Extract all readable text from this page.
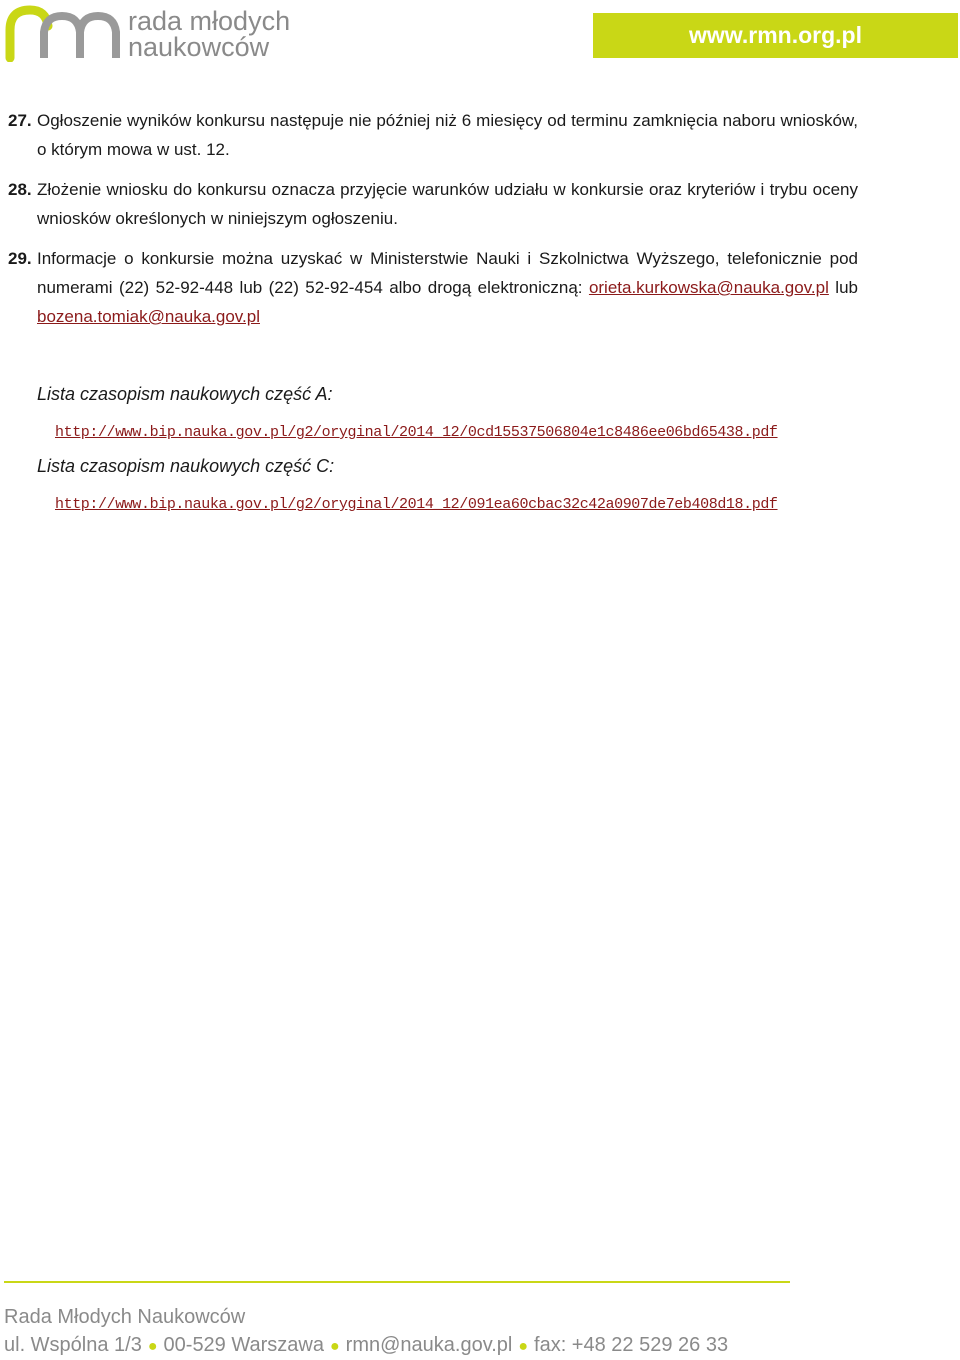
rada młodych
naukowców	www.rmn.org.pl
27. Ogłoszenie wyników konkursu następuje nie później niż 6 miesięcy od terminu zamknięcia naboru wniosków, o którym mowa w ust. 12.
28. Złożenie wniosku do konkursu oznacza przyjęcie warunków udziału w konkursie oraz kryteriów i trybu oceny wniosków określonych w niniejszym ogłoszeniu.
29. Informacje o konkursie można uzyskać w Ministerstwie Nauki i Szkolnictwa Wyższego, telefonicznie pod numerami (22) 52-92-448 lub (22) 52-92-454 albo drogą elektroniczną: orieta.kurkowska@nauka.gov.pl lub bozena.tomiak@nauka.gov.pl
Lista czasopism naukowych część A:
http://www.bip.nauka.gov.pl/g2/oryginal/2014_12/0cd15537506804e1c8486ee06bd65438.pdf
Lista czasopism naukowych część C:
http://www.bip.nauka.gov.pl/g2/oryginal/2014_12/091ea60cbac32c42a0907de7eb408d18.pdf
Rada Młodych Naukowców
ul. Wspólna 1/3 ● 00-529 Warszawa ● rmn@nauka.gov.pl ● fax: +48 22 529 26 33
